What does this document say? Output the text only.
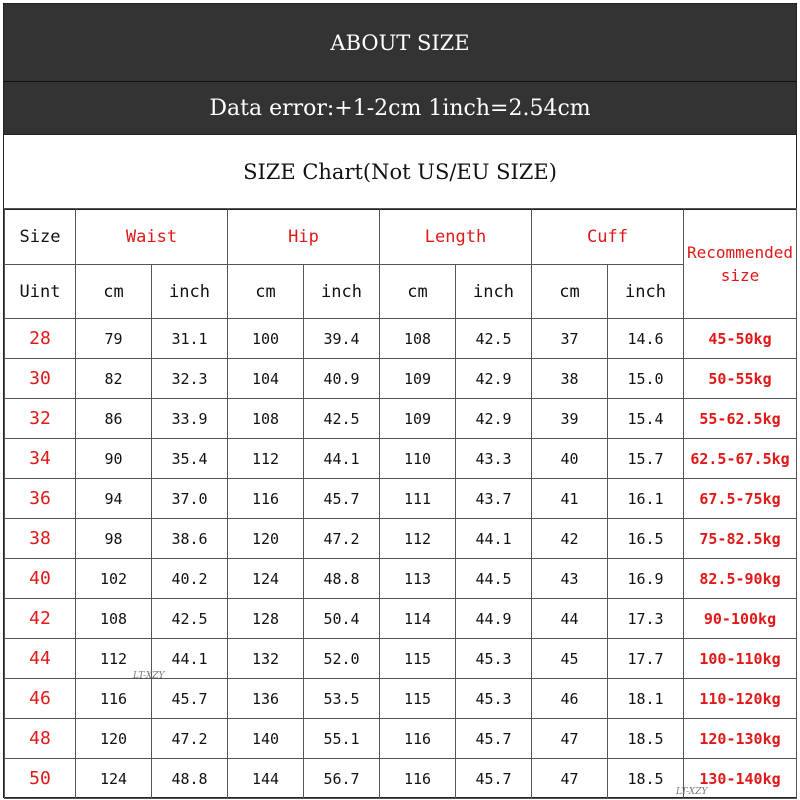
ABOUT SIZE
Data error:+1-2cm 1inch=2.54cm
SIZE Chart(Not US/EU SIZE)
Size	Waist		Hip		Length		Cuff		Recommended size
Uint	cm	inch	cm	inch	cm	inch	cm	inch	
28	79	31.1	100	39.4	108	42.5	37	14.6	45-50kg
30	82	32.3	104	40.9	109	42.9	38	15.0	50-55kg
32	86	33.9	108	42.5	109	42.9	39	15.4	55-62.5kg
34	90	35.4	112	44.1	110	43.3	40	15.7	62.5-67.5kg
36	94	37.0	116	45.7	111	43.7	41	16.1	67.5-75kg
38	98	38.6	120	47.2	112	44.1	42	16.5	75-82.5kg
40	102	40.2	124	48.8	113	44.5	43	16.9	82.5-90kg
42	108	42.5	128	50.4	114	44.9	44	17.3	90-100kg
44	112	44.1	132	52.0	115	45.3	45	17.7	100-110kg
46	116	45.7	136	53.5	115	45.3	46	18.1	110-120kg
48	120	47.2	140	55.1	116	45.7	47	18.5	120-130kg
50	124	48.8	144	56.7	116	45.7	47	18.5	130-140kg
LT-XZY
LT-XZY
